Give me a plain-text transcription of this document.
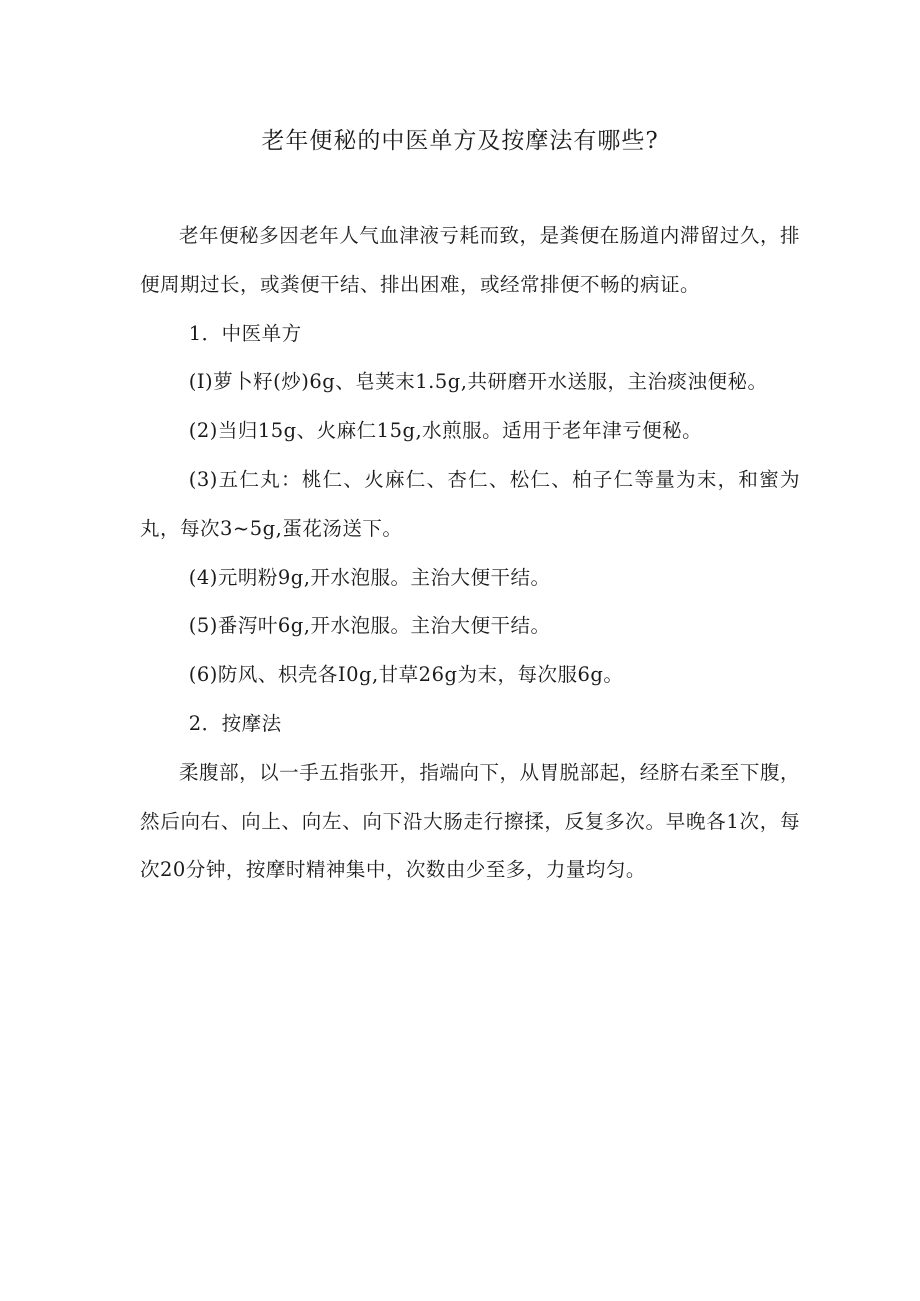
老年便秘的中医单方及按摩法有哪些?

老年便秘多因老年人气血津液亏耗而致，是粪便在肠道内滞留过久，排便周期过长，或粪便干结、排出困难，或经常排便不畅的病证。

1．中医单方

(I)萝卜籽(炒)6g、皂荚末1.5g,共研磨开水送服，主治痰浊便秘。

(2)当归15g、火麻仁15g,水煎服。适用于老年津亏便秘。

(3)五仁丸：桃仁、火麻仁、杏仁、松仁、柏子仁等量为末，和蜜为丸，每次3~5g,蛋花汤送下。

(4)元明粉9g,开水泡服。主治大便干结。

(5)番泻叶6g,开水泡服。主治大便干结。

(6)防风、枳壳各I0g,甘草26g为末，每次服6g。

2．按摩法

柔腹部，以一手五指张开，指端向下，从胃脱部起，经脐右柔至下腹，然后向右、向上、向左、向下沿大肠走行擦揉，反复多次。早晚各1次，每次20分钟，按摩时精神集中，次数由少至多，力量均匀。
